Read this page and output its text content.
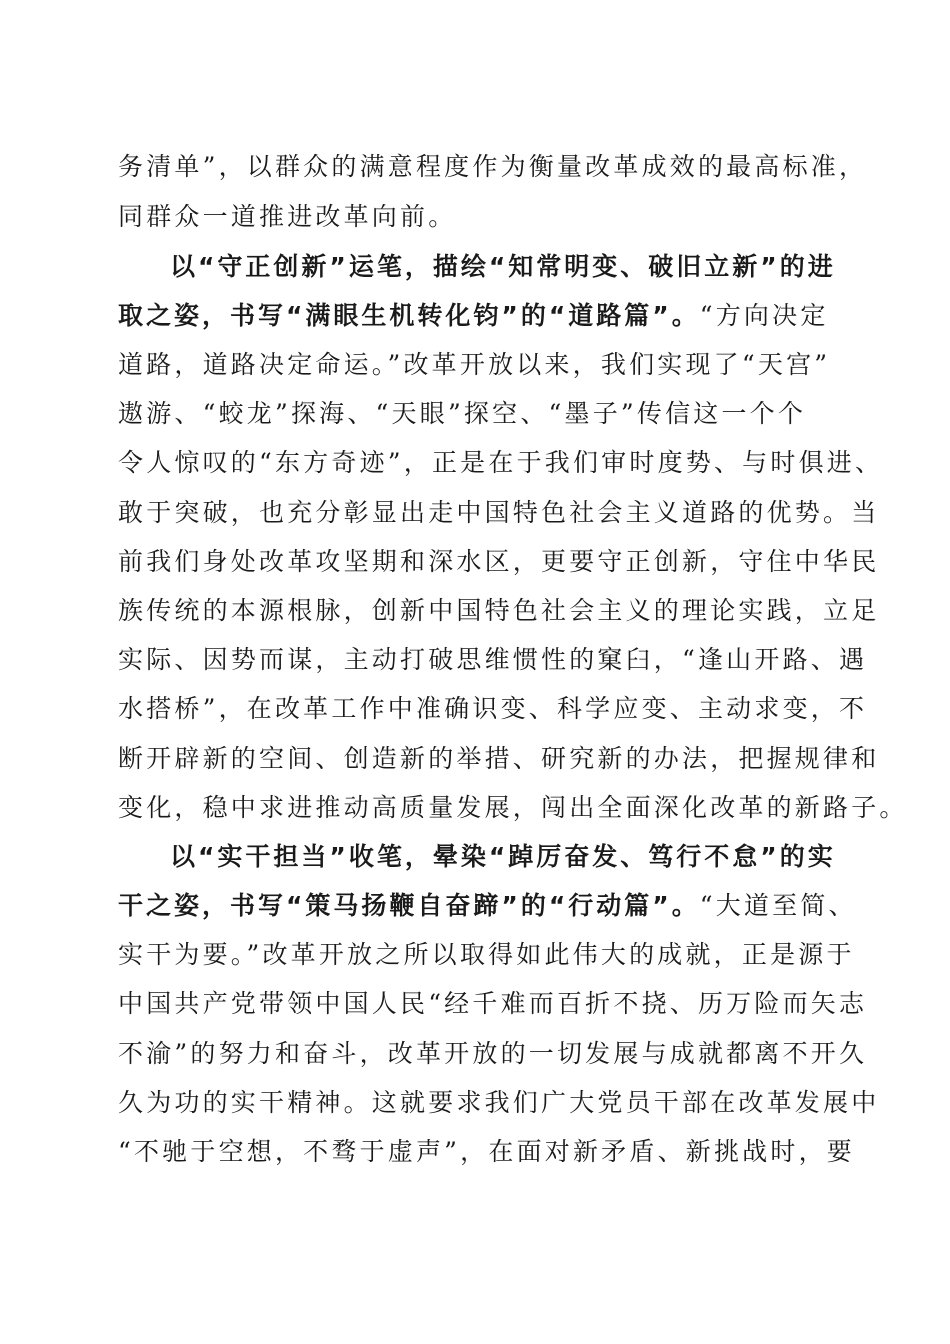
务清单”，以群众的满意程度作为衡量改革成效的最高标准，
同群众一道推进改革向前。
以“守正创新”运笔，描绘“知常明变、破旧立新”的进
取之姿，书写“满眼生机转化钧”的“道路篇”。“方向决定
道路，道路决定命运。”改革开放以来，我们实现了“天宫”
遨游、“蛟龙”探海、“天眼”探空、“墨子”传信这一个个
令人惊叹的“东方奇迹”，正是在于我们审时度势、与时俱进、
敢于突破，也充分彰显出走中国特色社会主义道路的优势。当
前我们身处改革攻坚期和深水区，更要守正创新，守住中华民
族传统的本源根脉，创新中国特色社会主义的理论实践，立足
实际、因势而谋，主动打破思维惯性的窠臼，“逢山开路、遇
水搭桥”，在改革工作中准确识变、科学应变、主动求变，不
断开辟新的空间、创造新的举措、研究新的办法，把握规律和
变化，稳中求进推动高质量发展，闯出全面深化改革的新路子。
以“实干担当”收笔，晕染“踔厉奋发、笃行不怠”的实
干之姿，书写“策马扬鞭自奋蹄”的“行动篇”。“大道至简、
实干为要。”改革开放之所以取得如此伟大的成就，正是源于
中国共产党带领中国人民“经千难而百折不挠、历万险而矢志
不渝”的努力和奋斗，改革开放的一切发展与成就都离不开久
久为功的实干精神。这就要求我们广大党员干部在改革发展中
“不驰于空想，不骛于虚声”，在面对新矛盾、新挑战时，要
